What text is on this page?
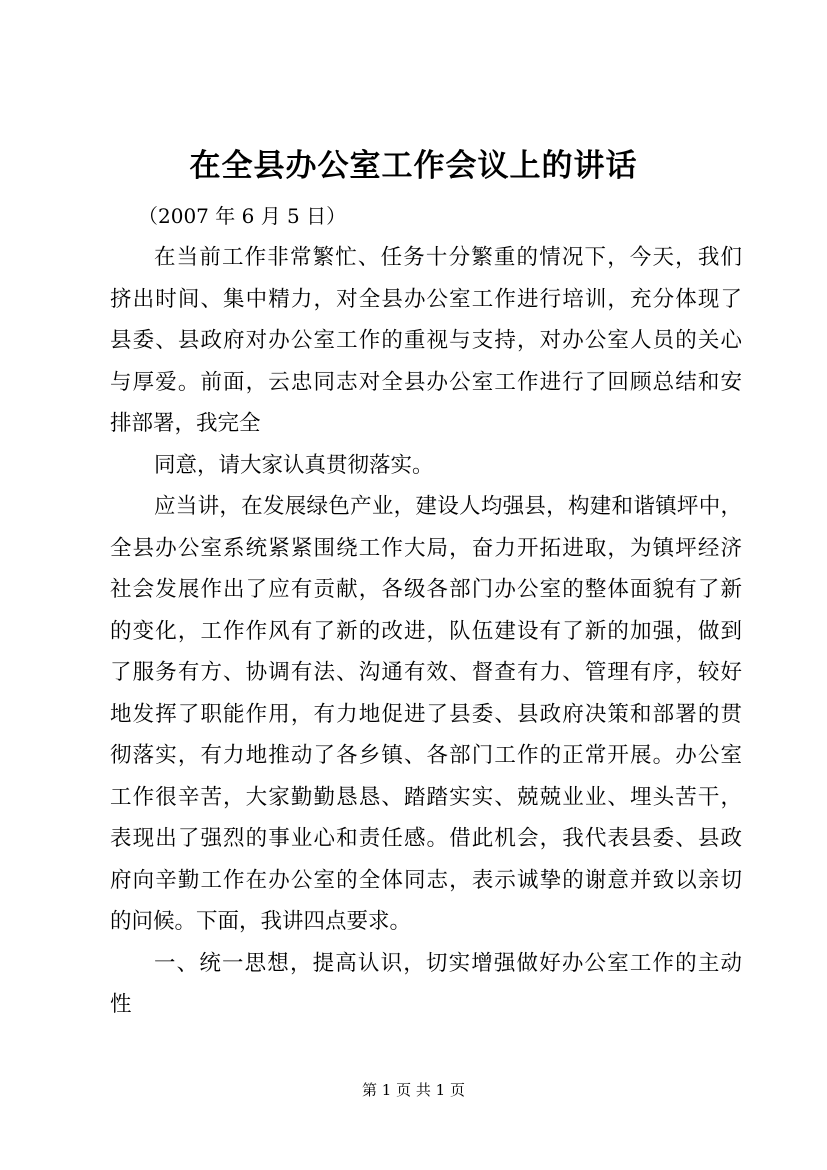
在全县办公室工作会议上的讲话
（2007 年 6 月 5 日）
在当前工作非常繁忙、任务十分繁重的情况下，今天，我们
挤出时间、集中精力，对全县办公室工作进行培训，充分体现了
县委、县政府对办公室工作的重视与支持，对办公室人员的关心
与厚爱。前面，云忠同志对全县办公室工作进行了回顾总结和安
排部署，我完全
同意，请大家认真贯彻落实。
应当讲，在发展绿色产业，建设人均强县，构建和谐镇坪中，
全县办公室系统紧紧围绕工作大局，奋力开拓进取，为镇坪经济
社会发展作出了应有贡献，各级各部门办公室的整体面貌有了新
的变化，工作作风有了新的改进，队伍建设有了新的加强，做到
了服务有方、协调有法、沟通有效、督查有力、管理有序，较好
地发挥了职能作用，有力地促进了县委、县政府决策和部署的贯
彻落实，有力地推动了各乡镇、各部门工作的正常开展。办公室
工作很辛苦，大家勤勤恳恳、踏踏实实、兢兢业业、埋头苦干，
表现出了强烈的事业心和责任感。借此机会，我代表县委、县政
府向辛勤工作在办公室的全体同志，表示诚挚的谢意并致以亲切
的问候。下面，我讲四点要求。
一、统一思想，提高认识，切实增强做好办公室工作的主动
性
第 1 页 共 1 页
